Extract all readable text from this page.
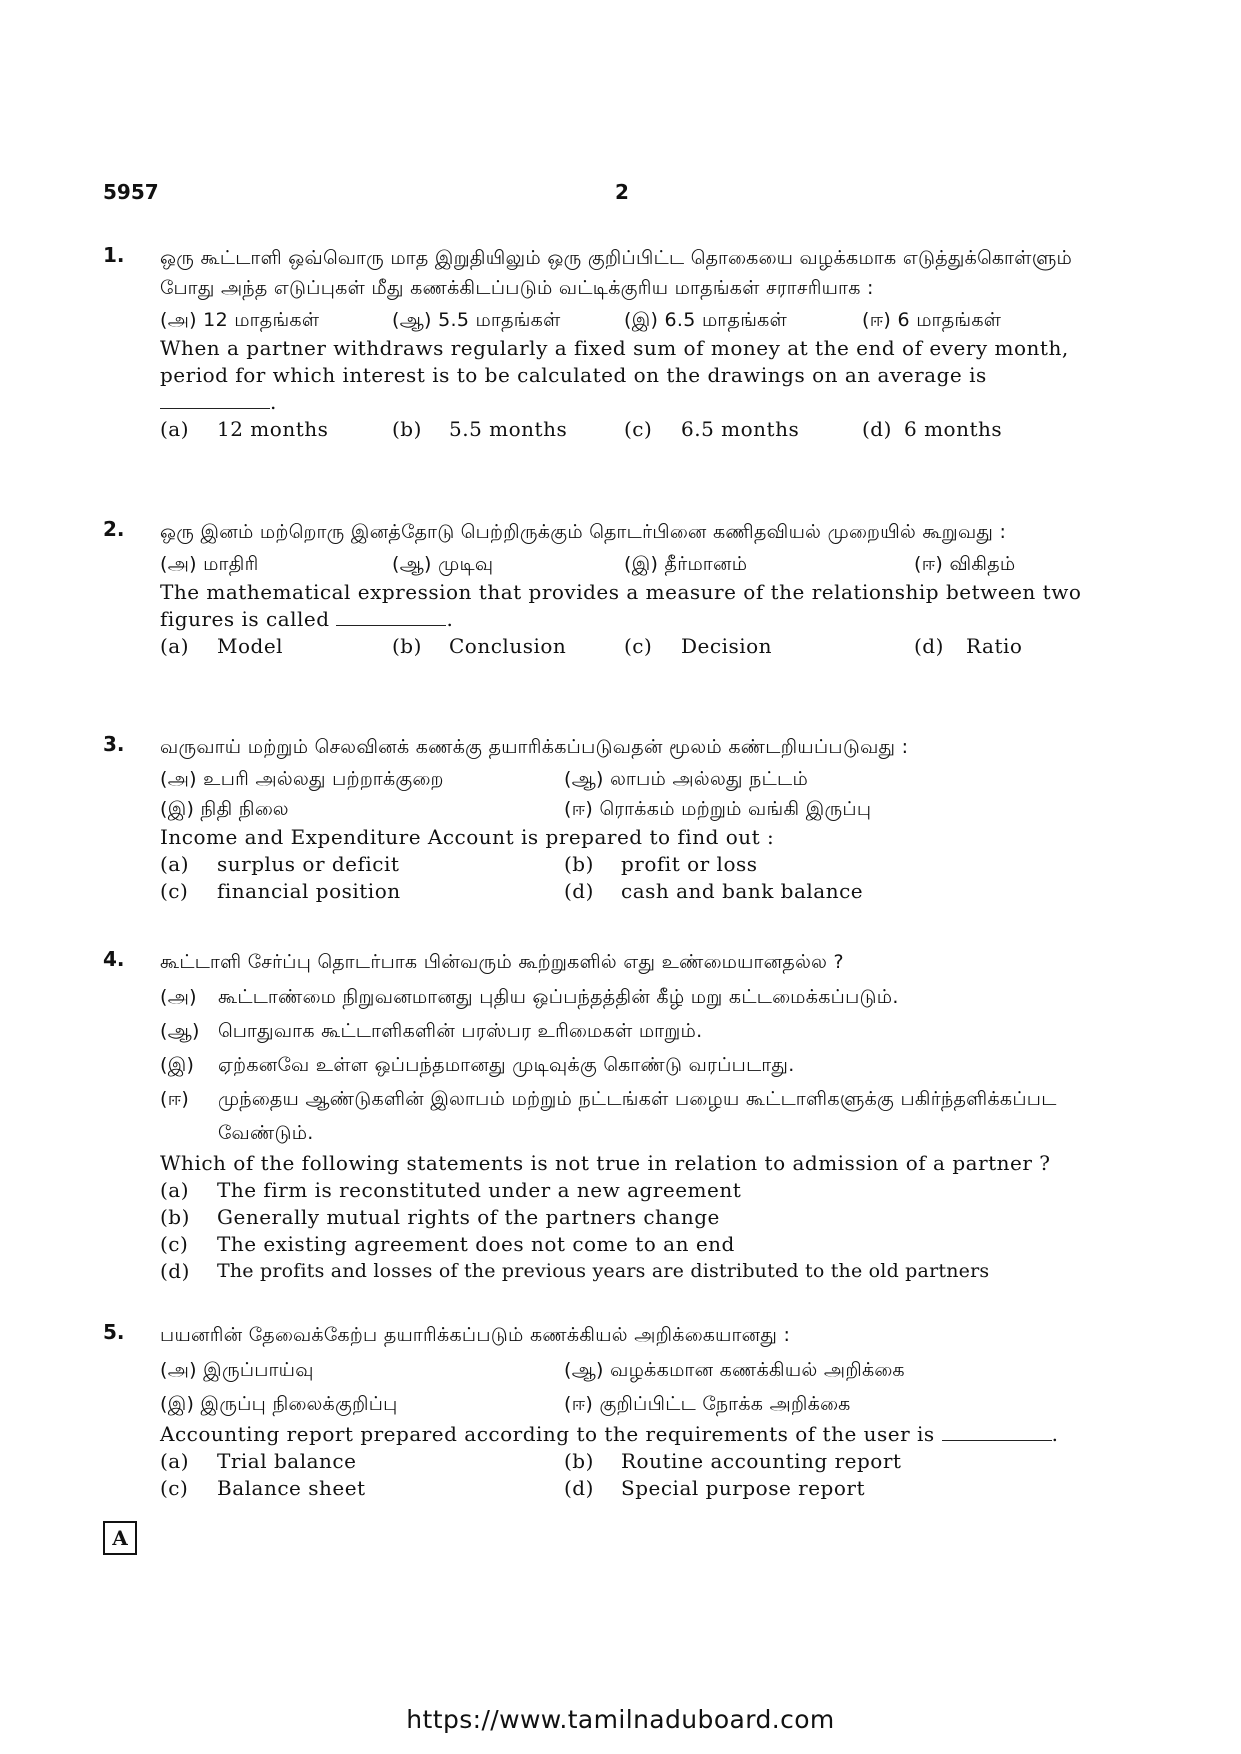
5957	2
1. ஒரு கூட்டாளி ஒவ்வொரு மாத இறுதியிலும் ஒரு குறிப்பிட்ட தொகையை வழக்கமாக எடுத்துக்கொள்ளும் போது அந்த எடுப்புகள் மீது கணக்கிடப்படும் வட்டிக்குரிய மாதங்கள் சராசரியாக :
(அ) 12 மாதங்கள்	(ஆ) 5.5 மாதங்கள்	(இ) 6.5 மாதங்கள்	(ஈ) 6 மாதங்கள்
When a partner withdraws regularly a fixed sum of money at the end of every month, period for which interest is to be calculated on the drawings on an average is .
(a) 12 months	(b) 5.5 months	(c) 6.5 months	(d) 6 months
2. ஒரு இனம் மற்றொரு இனத்தோடு பெற்றிருக்கும் தொடர்பினை கணிதவியல் முறையில் கூறுவது :
(அ) மாதிரி	(ஆ) முடிவு	(இ) தீர்மானம்	(ஈ) விகிதம்
The mathematical expression that provides a measure of the relationship between two figures is called	.
(a) Model	(b) Conclusion	(c) Decision	(d) Ratio
3. வருவாய் மற்றும் செலவினக் கணக்கு தயாரிக்கப்படுவதன் மூலம் கண்டறியப்படுவது :
(அ) உபரி அல்லது பற்றாக்குறை	(ஆ) லாபம் அல்லது நட்டம்
(இ) நிதி நிலை	(ஈ) ரொக்கம் மற்றும் வங்கி இருப்பு
Income and Expenditure Account is prepared to find out :
(a) surplus or deficit	(b) profit or loss
(c) financial position	(d) cash and bank balance
4. கூட்டாளி சேர்ப்பு தொடர்பாக பின்வரும் கூற்றுகளில் எது உண்மையானதல்ல ?
(அ)	கூட்டாண்மை நிறுவனமானது புதிய ஒப்பந்தத்தின் கீழ் மறு கட்டமைக்கப்படும்.
(ஆ) பொதுவாக கூட்டாளிகளின் பரஸ்பர உரிமைகள் மாறும்.
(இ)	ஏற்கனவே உள்ள ஒப்பந்தமானது முடிவுக்கு கொண்டு வரப்படாது.
(ஈ)	முந்தைய ஆண்டுகளின் இலாபம் மற்றும் நட்டங்கள் பழைய கூட்டாளிகளுக்கு பகிர்ந்தளிக்கப்பட வேண்டும்.
Which of the following statements is not true in relation to admission of a partner ?
(a)	The firm is reconstituted under a new agreement
(b)	Generally mutual rights of the partners change
(c)	The existing agreement does not come to an end
(d)	The profits and losses of the previous years are distributed to the old partners
5. பயனரின் தேவைக்கேற்ப தயாரிக்கப்படும் கணக்கியல் அறிக்கையானது :
(அ) இருப்பாய்வு	(ஆ) வழக்கமான கணக்கியல் அறிக்கை
(இ) இருப்பு நிலைக்குறிப்பு	(ஈ) குறிப்பிட்ட நோக்க அறிக்கை
Accounting report prepared according to the requirements of the user is	.
(a) Trial balance	(b) Routine accounting report
(c) Balance sheet	(d) Special purpose report
A
https://www.tamilnaduboard.com
